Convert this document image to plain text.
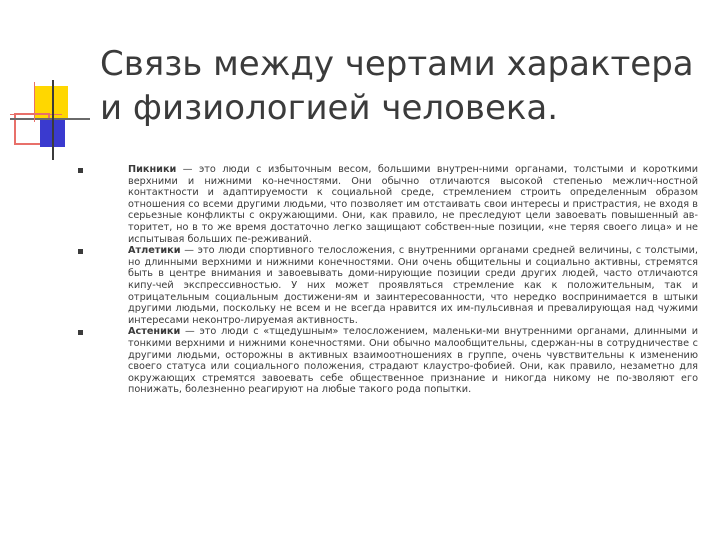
Связь между чертами характера и физиологией человека.

Пикники — это люди с избыточным весом, большими внутрен-ними органами, толстыми и короткими верхними и нижними ко-нечностями. Они обычно отличаются высокой степенью межлич-ностной контактности и адаптируемости к социальной среде, стремлением строить определенным образом отношения со всеми другими людьми, что позволяет им отстаивать свои интересы и пристрастия, не входя в серьезные конфликты с окружающими. Они, как правило, не преследуют цели завоевать повышенный ав-торитет, но в то же время достаточно легко защищают собствен-ные позиции, «не теряя своего лица» и не испытывая больших пе-реживаний.

Атлетики — это люди спортивного телосложения, с внутренними органами средней величины, с толстыми, но длинными верхними и нижними конечностями. Они очень общительны и социально активны, стремятся быть в центре внимания и завоевывать доми-нирующие позиции среди других людей, часто отличаются кипу-чей экспрессивностью. У них может проявляться стремление как к положительным, так и отрицательным социальным достижени-ям и заинтересованности, что нередко воспринимается в штыки другими людьми, поскольку не всем и не всегда нравится их им-пульсивная и превалирующая над чужими интересами неконтро-лируемая активность.

Астеники — это люди с «тщедушным» телосложением, маленьки-ми внутренними органами, длинными и тонкими верхними и нижними конечностями. Они обычно малообщительны, сдержан-ны в сотрудничестве с другими людьми, осторожны в активных взаимоотношениях в группе, очень чувствительны к изменению своего статуса или социального положения, страдают клаустро-фобией. Они, как правило, незаметно для окружающих стремятся завоевать себе общественное признание и никогда никому не по-зволяют его понижать, болезненно реагируют на любые такого рода попытки.
